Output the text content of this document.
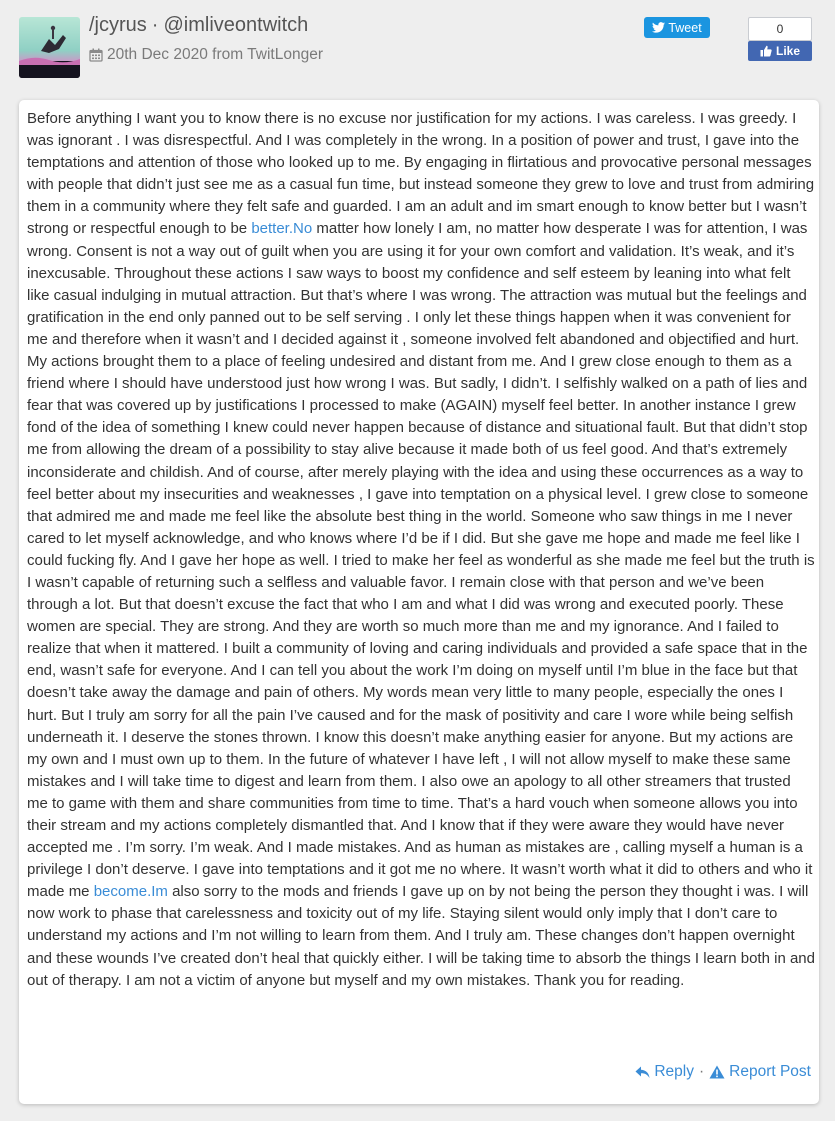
/jcyrus · @imliveontwitch
20th Dec 2020 from TwitLonger
Tweet	0
Like
Before anything I want you to know there is no excuse nor justification for my actions. I was careless. I was greedy. I was ignorant . I was disrespectful. And I was completely in the wrong. In a position of power and trust, I gave into the temptations and attention of those who looked up to me. By engaging in flirtatious and provocative personal messages with people that didn’t just see me as a casual fun time, but instead someone they grew to love and trust from admiring them in a community where they felt safe and guarded. I am an adult and im smart enough to know better but I wasn’t strong or respectful enough to be better.No matter how lonely I am, no matter how desperate I was for attention, I was wrong. Consent is not a way out of guilt when you are using it for your own comfort and validation. It’s weak, and it’s inexcusable. Throughout these actions I saw ways to boost my confidence and self esteem by leaning into what felt like casual indulging in mutual attraction. But that’s where I was wrong. The attraction was mutual but the feelings and gratification in the end only panned out to be self serving . I only let these things happen when it was convenient for me and therefore when it wasn’t and I decided against it , someone involved felt abandoned and objectified and hurt. My actions brought them to a place of feeling undesired and distant from me. And I grew close enough to them as a friend where I should have understood just how wrong I was. But sadly, I didn’t. I selfishly walked on a path of lies and fear that was covered up by justifications I processed to make (AGAIN) myself feel better. In another instance I grew fond of the idea of something I knew could never happen because of distance and situational fault. But that didn’t stop me from allowing the dream of a possibility to stay alive because it made both of us feel good. And that’s extremely inconsiderate and childish. And of course, after merely playing with the idea and using these occurrences as a way to feel better about my insecurities and weaknesses , I gave into temptation on a physical level. I grew close to someone that admired me and made me feel like the absolute best thing in the world. Someone who saw things in me I never cared to let myself acknowledge, and who knows where I’d be if I did. But she gave me hope and made me feel like I could fucking fly. And I gave her hope as well. I tried to make her feel as wonderful as she made me feel but the truth is I wasn’t capable of returning such a selfless and valuable favor. I remain close with that person and we’ve been through a lot. But that doesn’t excuse the fact that who I am and what I did was wrong and executed poorly. These women are special. They are strong. And they are worth so much more than me and my ignorance. And I failed to realize that when it mattered. I built a community of loving and caring individuals and provided a safe space that in the end, wasn’t safe for everyone. And I can tell you about the work I’m doing on myself until I’m blue in the face but that doesn’t take away the damage and pain of others. My words mean very little to many people, especially the ones I hurt. But I truly am sorry for all the pain I’ve caused and for the mask of positivity and care I wore while being selfish underneath it. I deserve the stones thrown. I know this doesn’t make anything easier for anyone. But my actions are my own and I must own up to them. In the future of whatever I have left , I will not allow myself to make these same mistakes and I will take time to digest and learn from them. I also owe an apology to all other streamers that trusted me to game with them and share communities from time to time. That’s a hard vouch when someone allows you into their stream and my actions completely dismantled that. And I know that if they were aware they would have never accepted me . I’m sorry. I’m weak. And I made mistakes. And as human as mistakes are , calling myself a human is a privilege I don’t deserve. I gave into temptations and it got me no where. It wasn’t worth what it did to others and who it made me become.Im also sorry to the mods and friends I gave up on by not being the person they thought i was. I will now work to phase that carelessness and toxicity out of my life. Staying silent would only imply that I don’t care to understand my actions and I’m not willing to learn from them. And I truly am. These changes don’t happen overnight and these wounds I’ve created don’t heal that quickly either. I will be taking time to absorb the things I learn both in and out of therapy. I am not a victim of anyone but myself and my own mistakes. Thank you for reading.
Reply · Report Post
